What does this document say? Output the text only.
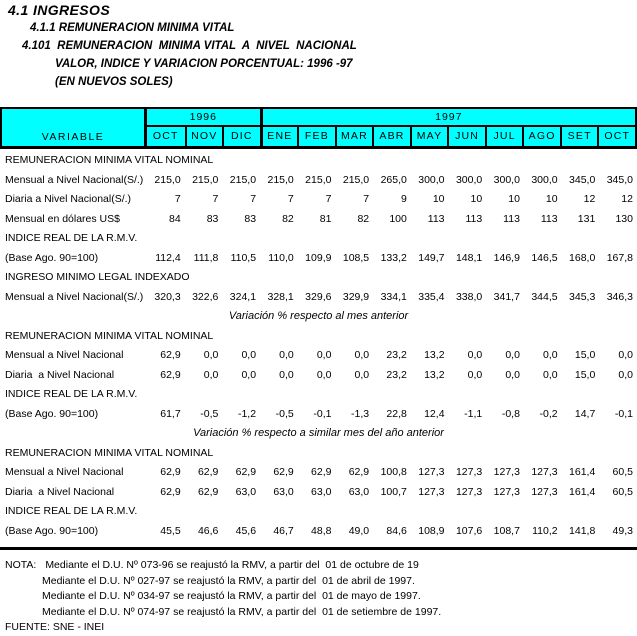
4.1 INGRESOS
4.1.1 REMUNERACION MINIMA VITAL
4.101  REMUNERACION  MINIMA VITAL  A  NIVEL  NACIONAL
VALOR, INDICE Y VARIACION PORCENTUAL: 1996 -97
(EN NUEVOS SOLES)
VARIABLE
1996	1997
OCT	NOV	DIC	ENE	FEB	MAR	ABR	MAY	JUN	JUL	AGO	SET	OCT
REMUNERACION MINIMA VITAL NOMINAL
Mensual a Nivel Nacional(S/.)	215,0	215,0	215,0	215,0	215,0	215,0	265,0	300,0	300,0	300,0	300,0	345,0	345,0
Diaria a Nivel Nacional(S/.)	7	7	7	7	7	7	9	10	10	10	10	12	12
Mensual en dólares US$	84	83	83	82	81	82	100	113	113	113	113	131	130
INDICE REAL DE LA R.M.V.
(Base Ago. 90=100)	112,4	111,8	110,5	110,0	109,9	108,5	133,2	149,7	148,1	146,9	146,5	168,0	167,8
INGRESO MINIMO LEGAL INDEXADO
Mensual a Nivel Nacional(S/.)	320,3	322,6	324,1	328,1	329,6	329,9	334,1	335,4	338,0	341,7	344,5	345,3	346,3
Variación % respecto al mes anterior
REMUNERACION MINIMA VITAL NOMINAL
Mensual a Nivel Nacional	62,9	0,0	0,0	0,0	0,0	0,0	23,2	13,2	0,0	0,0	0,0	15,0	0,0
Diaria  a Nivel Nacional	62,9	0,0	0,0	0,0	0,0	0,0	23,2	13,2	0,0	0,0	0,0	15,0	0,0
INDICE REAL DE LA R.M.V.
(Base Ago. 90=100)	61,7	-0,5	-1,2	-0,5	-0,1	-1,3	22,8	12,4	-1,1	-0,8	-0,2	14,7	-0,1
Variación % respecto a similar mes del año anterior
REMUNERACION MINIMA VITAL NOMINAL
Mensual a Nivel Nacional	62,9	62,9	62,9	62,9	62,9	62,9	100,8	127,3	127,3	127,3	127,3	161,4	60,5
Diaria  a Nivel Nacional	62,9	62,9	63,0	63,0	63,0	63,0	100,7	127,3	127,3	127,3	127,3	161,4	60,5
INDICE REAL DE LA R.M.V.
(Base Ago. 90=100)	45,5	46,6	45,6	46,7	48,8	49,0	84,6	108,9	107,6	108,7	110,2	141,8	49,3
NOTA: Mediante el D.U. Nº 073-96 se reajustó la RMV, a partir del  01 de octubre de 19
Mediante el D.U. Nº 027-97 se reajustó la RMV, a partir del  01 de abril de 1997.
Mediante el D.U. Nº 034-97 se reajustó la RMV, a partir del  01 de mayo de 1997.
Mediante el D.U. Nº 074-97 se reajustó la RMV, a partir del  01 de setiembre de 1997.
FUENTE: SNE - INEI
